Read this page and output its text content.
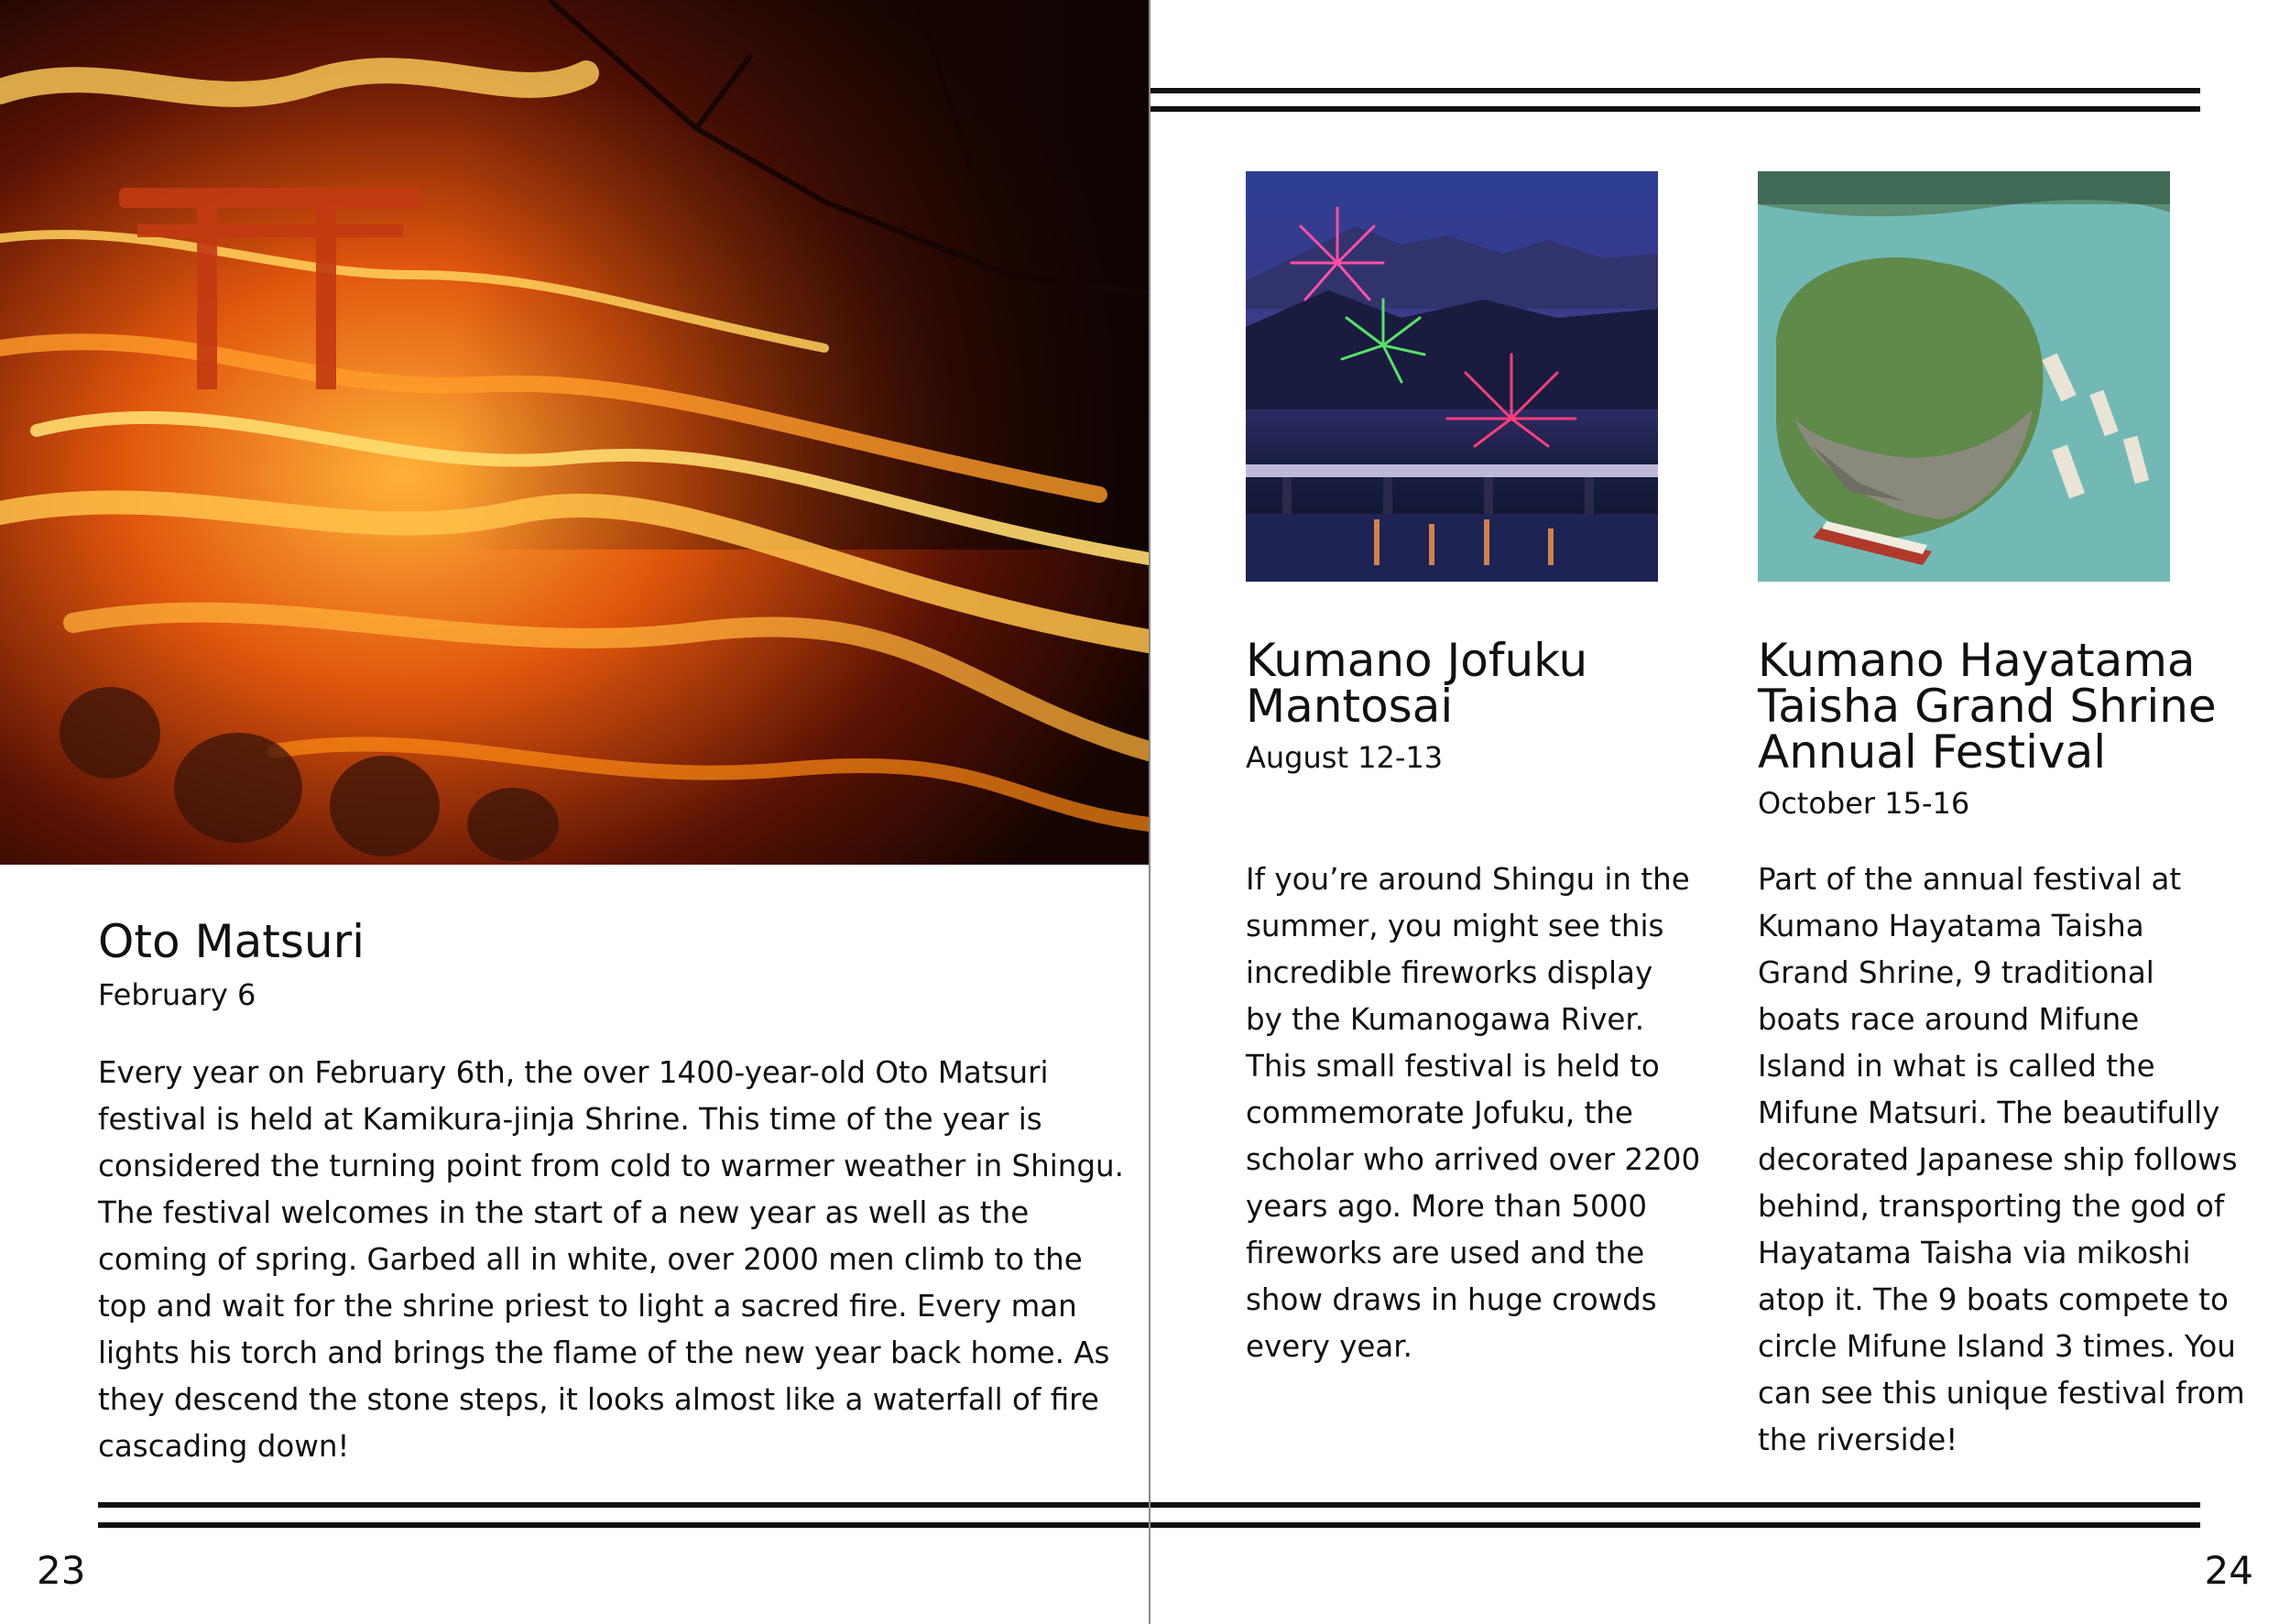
Oto Matsuri
February 6
Every year on February 6th, the over 1400-year-old Oto Matsuri
festival is held at Kamikura-jinja Shrine. This time of the year is
considered the turning point from cold to warmer weather in Shingu.
The festival welcomes in the start of a new year as well as the
coming of spring. Garbed all in white, over 2000 men climb to the
top and wait for the shrine priest to light a sacred fire. Every man
lights his torch and brings the flame of the new year back home. As
they descend the stone steps, it looks almost like a waterfall of fire
cascading down!
23
Kumano Jofuku
Mantosai
August 12-13
If you’re around Shingu in the
summer, you might see this
incredible fireworks display
by the Kumanogawa River.
This small festival is held to
commemorate Jofuku, the
scholar who arrived over 2200
years ago. More than 5000
fireworks are used and the
show draws in huge crowds
every year.
Kumano Hayatama
Taisha Grand Shrine
Annual Festival
October 15-16
Part of the annual festival at
Kumano Hayatama Taisha
Grand Shrine, 9 traditional
boats race around Mifune
Island in what is called the
Mifune Matsuri. The beautifully
decorated Japanese ship follows
behind, transporting the god of
Hayatama Taisha via mikoshi
atop it. The 9 boats compete to
circle Mifune Island 3 times. You
can see this unique festival from
the riverside!
24
